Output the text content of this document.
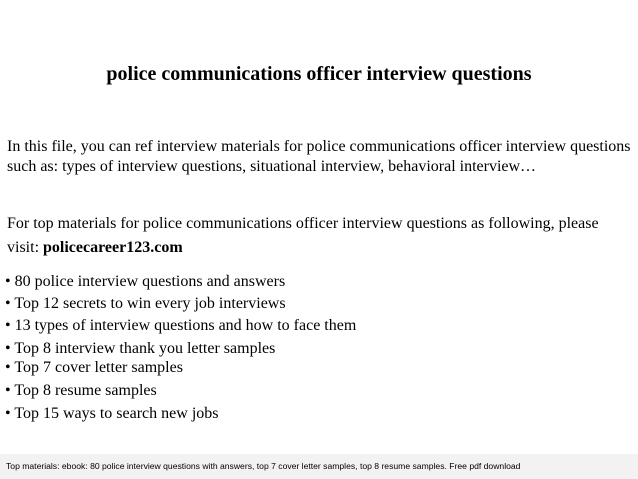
police communications officer interview questions

In this file, you can ref interview materials for police communications officer interview questions such as: types of interview questions, situational interview, behavioral interview…

For top materials for police communications officer interview questions as following, please visit: policecareer123.com

• 80 police interview questions and answers
• Top 12 secrets to win every job interviews
• 13 types of interview questions and how to face them
• Top 8 interview thank you letter samples
• Top 7 cover letter samples
• Top 8 resume samples
• Top 15 ways to search new jobs
Top materials: ebook: 80 police interview questions with answers, top 7 cover letter samples, top 8 resume samples. Free pdf download
